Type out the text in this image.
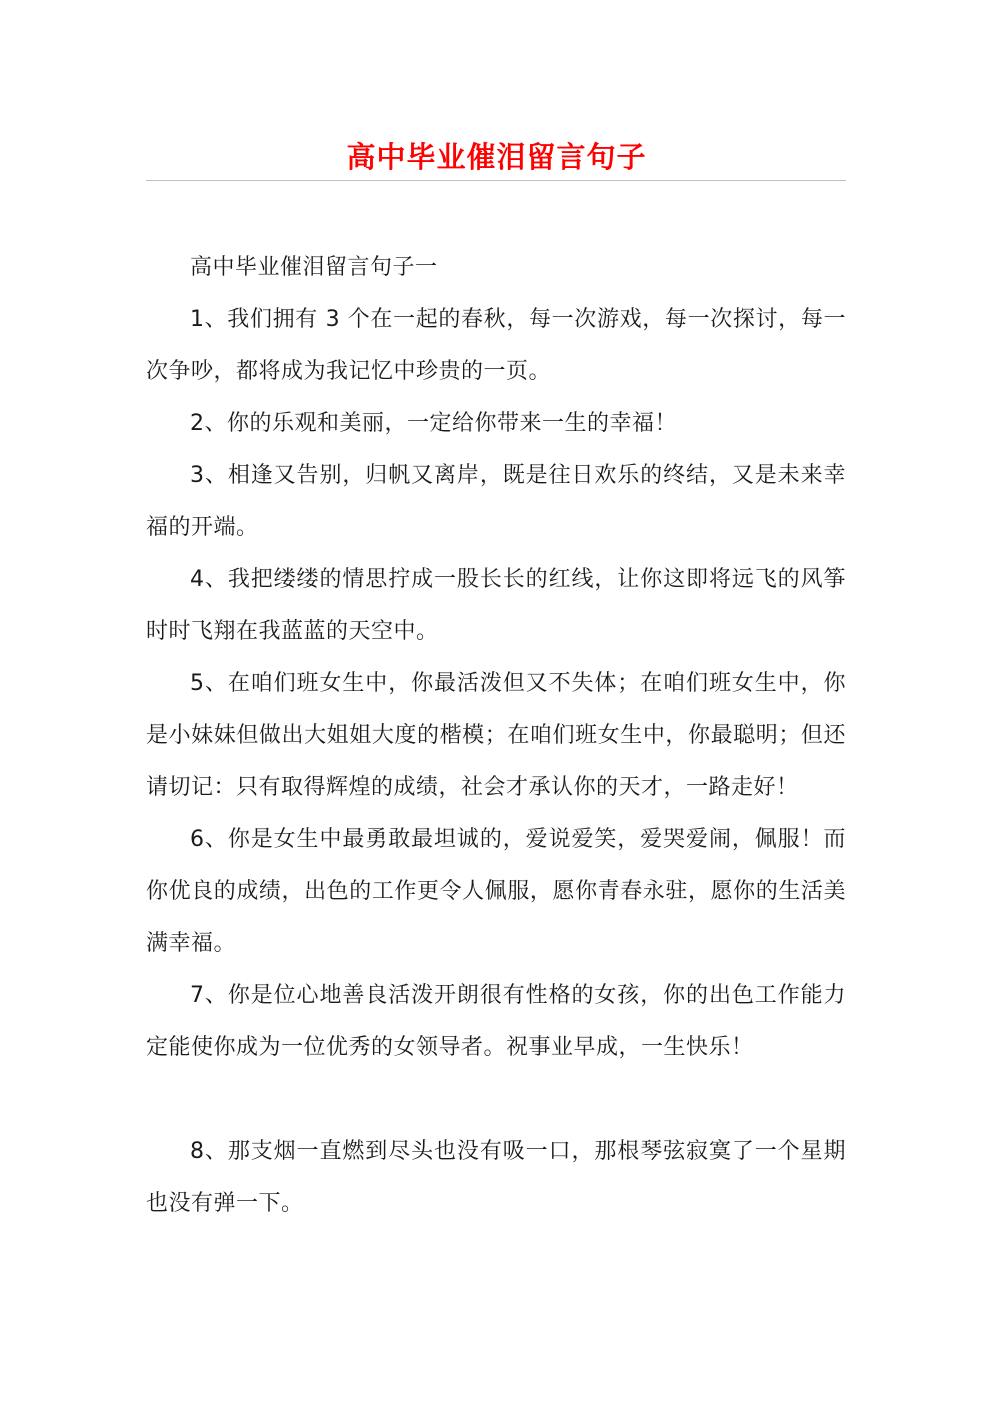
高中毕业催泪留言句子

高中毕业催泪留言句子一

1、我们拥有 3 个在一起的春秋，每一次游戏，每一次探讨，每一次争吵，都将成为我记忆中珍贵的一页。

2、你的乐观和美丽，一定给你带来一生的幸福！

3、相逢又告别，归帆又离岸，既是往日欢乐的终结，又是未来幸福的开端。

4、我把缕缕的情思拧成一股长长的红线，让你这即将远飞的风筝时时飞翔在我蓝蓝的天空中。

5、在咱们班女生中，你最活泼但又不失体；在咱们班女生中，你是小妹妹但做出大姐姐大度的楷模；在咱们班女生中，你最聪明；但还请切记：只有取得辉煌的成绩，社会才承认你的天才，一路走好！

6、你是女生中最勇敢最坦诚的，爱说爱笑，爱哭爱闹，佩服！而你优良的成绩，出色的工作更令人佩服，愿你青春永驻，愿你的生活美满幸福。

7、你是位心地善良活泼开朗很有性格的女孩，你的出色工作能力定能使你成为一位优秀的女领导者。祝事业早成，一生快乐！

8、那支烟一直燃到尽头也没有吸一口，那根琴弦寂寞了一个星期也没有弹一下。
